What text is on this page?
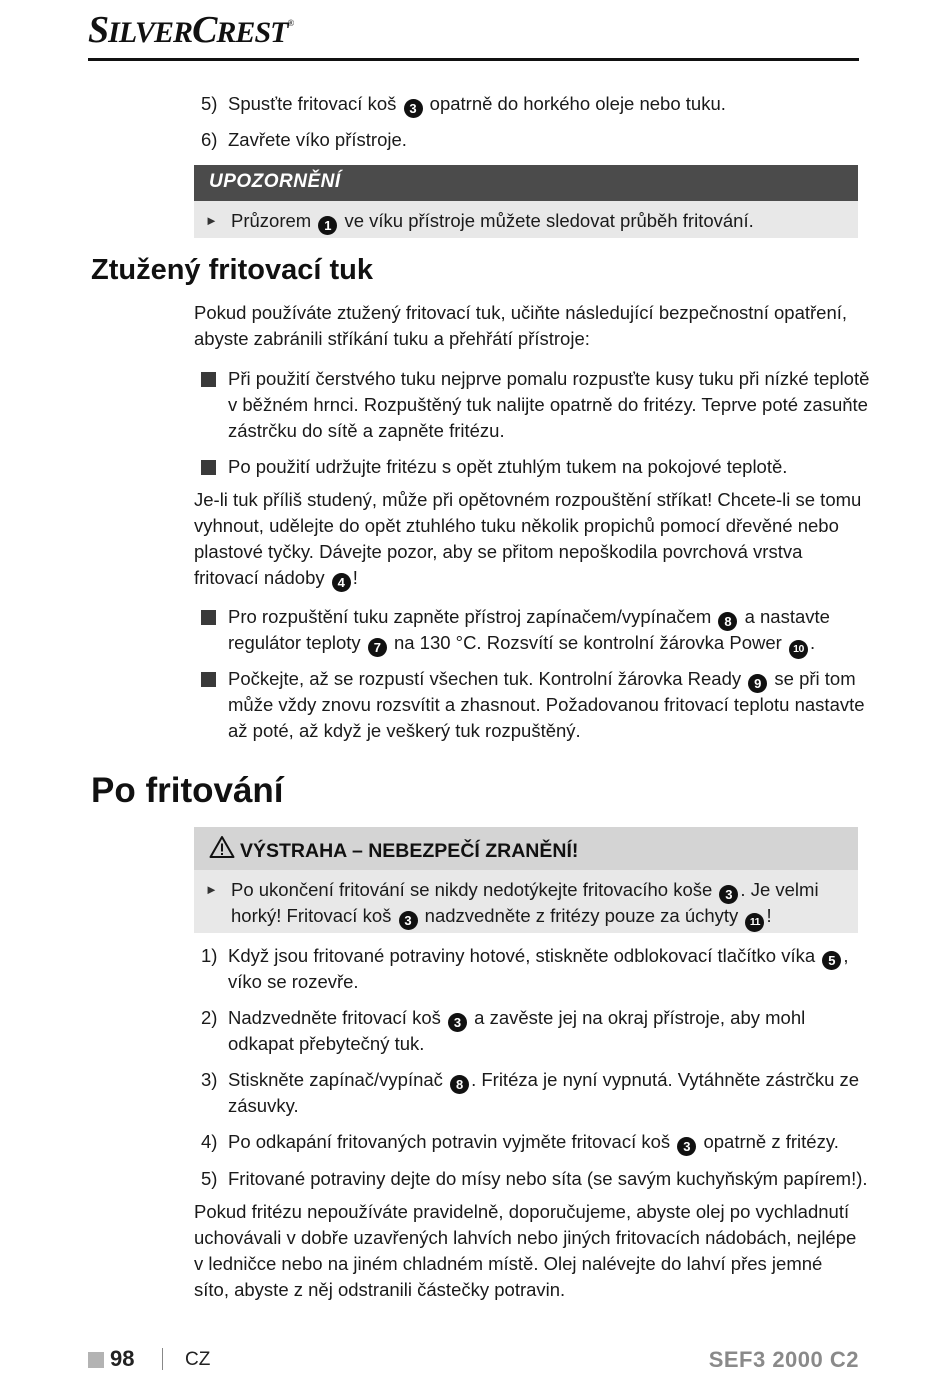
SILVERCREST®
5) Spusťte fritovací koš 3 opatrně do horkého oleje nebo tuku.
6) Zavřete víko přístroje.
UPOZORNĚNÍ
► Průzorem 1 ve víku přístroje můžete sledovat průběh fritování.
Ztužený fritovací tuk
Pokud používáte ztužený fritovací tuk, učiňte následující bezpečnostní opatření,
abyste zabránili stříkání tuku a přehřátí přístroje:
Při použití čerstvého tuku nejprve pomalu rozpusťte kusy tuku při nízké teplotě
v běžném hrnci. Rozpuštěný tuk nalijte opatrně do fritézy. Teprve poté zasuňte
zástrčku do sítě a zapněte fritézu.
Po použití udržujte fritézu s opět ztuhlým tukem na pokojové teplotě.
Je-li tuk příliš studený, může při opětovném rozpouštění stříkat! Chcete-li se tomu
vyhnout, udělejte do opět ztuhlého tuku několik propichů pomocí dřevěné nebo
plastové tyčky. Dávejte pozor, aby se přitom nepoškodila povrchová vrstva
fritovací nádoby 4 !
Pro rozpuštění tuku zapněte přístroj zapínačem/vypínačem 8 a nastavte
regulátor teploty 7 na 130 °C. Rozsvítí se kontrolní žárovka Power 10 .
Počkejte, až se rozpustí všechen tuk. Kontrolní žárovka Ready 9 se při tom
může vždy znovu rozsvítit a zhasnout. Požadovanou fritovací teplotu nastavte
až poté, až když je veškerý tuk rozpuštěný.
Po fritování
VÝSTRAHA – NEBEZPEČÍ ZRANĚNÍ!
► Po ukončení fritování se nikdy nedotýkejte fritovacího koše 3 . Je velmi
horký! Fritovací koš 3 nadzvedněte z fritézy pouze za úchyty 11 !
1) Když jsou fritované potraviny hotové, stiskněte odblokovací tlačítko víka 5 ,
víko se rozevře.
2) Nadzvedněte fritovací koš 3 a zavěste jej na okraj přístroje, aby mohl
odkapat přebytečný tuk.
3) Stiskněte zapínač/vypínač 8 . Fritéza je nyní vypnutá. Vytáhněte zástrčku ze
zásuvky.
4) Po odkapání fritovaných potravin vyjměte fritovací koš 3 opatrně z fritézy.
5) Fritované potraviny dejte do mísy nebo síta (se savým kuchyňským papírem!).
Pokud fritézu nepoužíváte pravidelně, doporučujeme, abyste olej po vychladnutí
uchovávali v dobře uzavřených lahvích nebo jiných fritovacích nádobách, nejlépe
v ledničce nebo na jiném chladném místě. Olej nalévejte do lahví přes jemné
síto, abyste z něj odstranili částečky potravin.
98	CZ	SEF3 2000 C2
